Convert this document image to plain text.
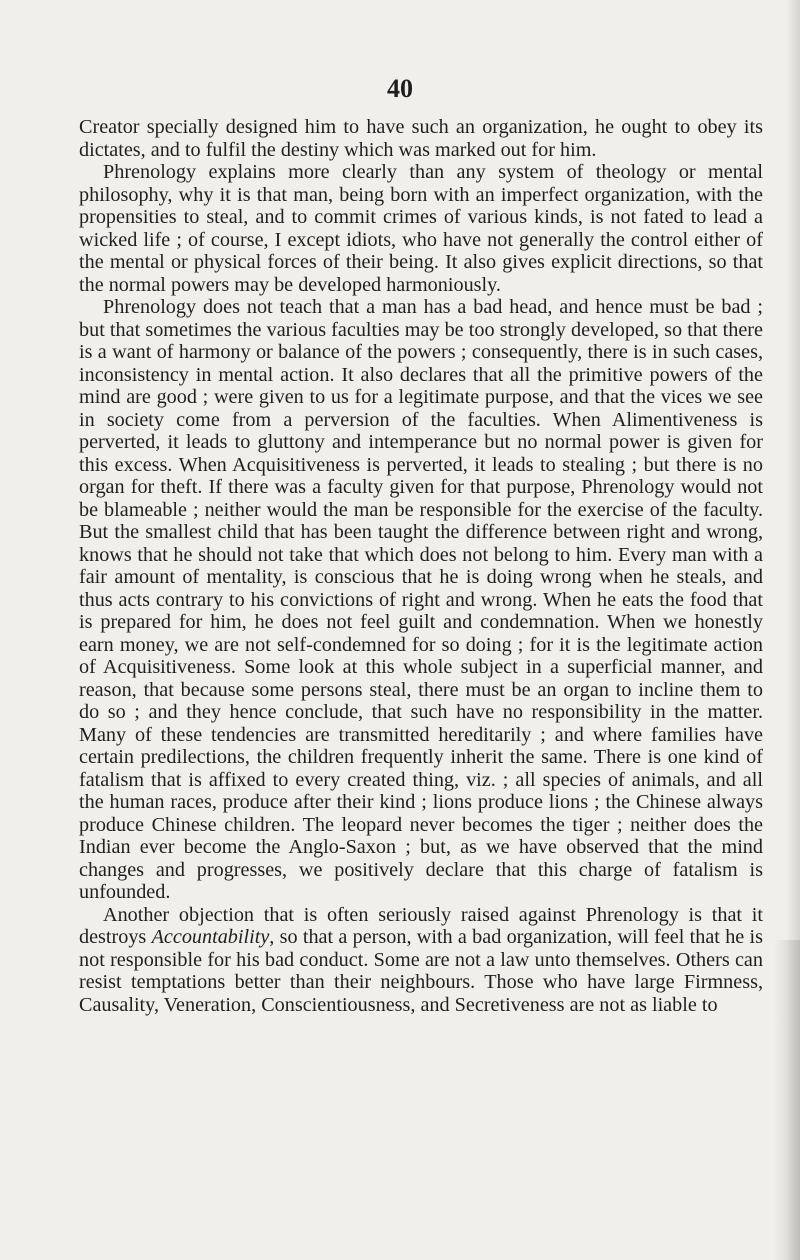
40

Creator specially designed him to have such an organization, he ought to obey its dictates, and to fulfil the destiny which was marked out for him.

Phrenology explains more clearly than any system of theology or mental philosophy, why it is that man, being born with an imperfect organization, with the propensities to steal, and to commit crimes of various kinds, is not fated to lead a wicked life ; of course, I except idiots, who have not generally the control either of the mental or physical forces of their being. It also gives explicit directions, so that the normal powers may be developed harmoniously.

Phrenology does not teach that a man has a bad head, and hence must be bad ; but that sometimes the various faculties may be too strongly developed, so that there is a want of harmony or balance of the powers ; consequently, there is in such cases, inconsistency in mental action. It also declares that all the primitive powers of the mind are good ; were given to us for a legitimate purpose, and that the vices we see in society come from a perversion of the faculties. When Alimentiveness is perverted, it leads to gluttony and intemperance but no normal power is given for this excess. When Acquisitiveness is perverted, it leads to stealing ; but there is no organ for theft. If there was a faculty given for that purpose, Phrenology would not be blameable ; neither would the man be responsible for the exercise of the faculty. But the smallest child that has been taught the difference between right and wrong, knows that he should not take that which does not belong to him. Every man with a fair amount of mentality, is conscious that he is doing wrong when he steals, and thus acts contrary to his convictions of right and wrong. When he eats the food that is prepared for him, he does not feel guilt and condemnation. When we honestly earn money, we are not self-condemned for so doing ; for it is the legitimate action of Acquisitiveness. Some look at this whole subject in a superficial manner, and reason, that because some persons steal, there must be an organ to incline them to do so ; and they hence conclude, that such have no responsibility in the matter. Many of these tendencies are transmitted hereditarily ; and where families have certain predilections, the children frequently inherit the same. There is one kind of fatalism that is affixed to every created thing, viz. ; all species of animals, and all the human races, produce after their kind ; lions produce lions ; the Chinese always produce Chinese children. The leopard never becomes the tiger ; neither does the Indian ever become the Anglo-Saxon ; but, as we have observed that the mind changes and progresses, we positively declare that this charge of fatalism is unfounded.

Another objection that is often seriously raised against Phrenology is that it destroys Accountability, so that a person, with a bad organization, will feel that he is not responsible for his bad conduct. Some are not a law unto themselves. Others can resist temptations better than their neighbours. Those who have large Firmness, Causality, Veneration, Conscientiousness, and Secretiveness are not as liable to
